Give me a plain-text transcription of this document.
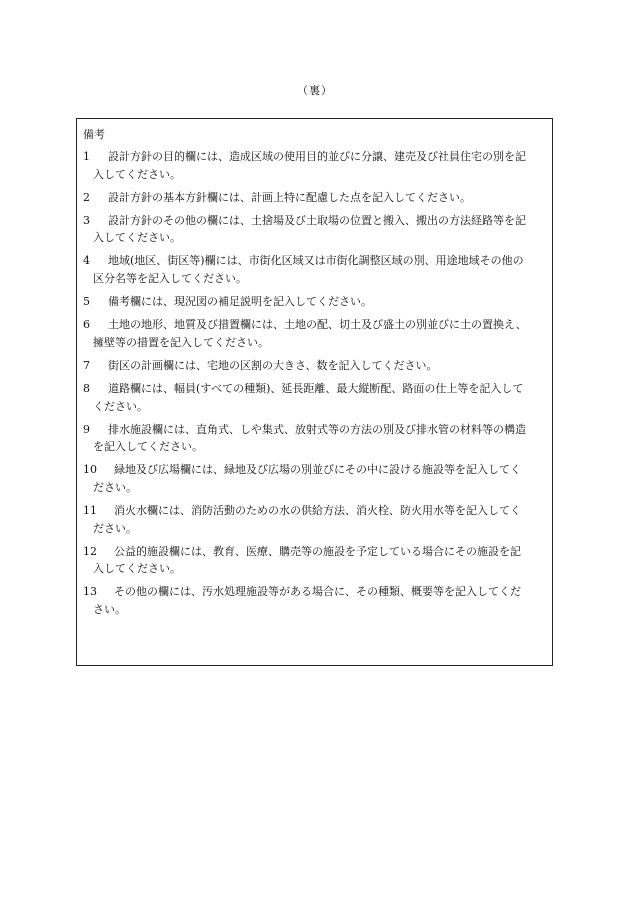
（裏）
備考
1 　設計方針の目的欄には、造成区域の使用目的並びに分譲、建売及び社員住宅の別を記
入してください。
2 　設計方針の基本方針欄には、計画上特に配慮した点を記入してください。
3 　設計方針のその他の欄には、土捨場及び土取場の位置と搬入、搬出の方法経路等を記
入してください。
4 　地域(地区、街区等)欄には、市街化区域又は市街化調整区域の別、用途地域その他の
区分名等を記入してください。
5 　備考欄には、現況図の補足説明を記入してください。
6 　土地の地形、地質及び措置欄には、土地の配、切土及び盛土の別並びに土の置換え、
擁壁等の措置を記入してください。
7 　街区の計画欄には、宅地の区割の大きさ、数を記入してください。
8 　道路欄には、幅員(すべての種類)、延長距離、最大縦断配、路面の仕上等を記入して
ください。
9 　排水施設欄には、直角式、しや集式、放射式等の方法の別及び排水管の材料等の構造
を記入してください。
10 　緑地及び広場欄には、緑地及び広場の別並びにその中に設ける施設等を記入してく
ださい。
11 　消火水欄には、消防活動のための水の供給方法、消火栓、防火用水等を記入してく
ださい。
12 　公益的施設欄には、教育、医療、購売等の施設を予定している場合にその施設を記
入してください。
13 　その他の欄には、汚水処理施設等がある場合に、その種類、概要等を記入してくだ
さい。
